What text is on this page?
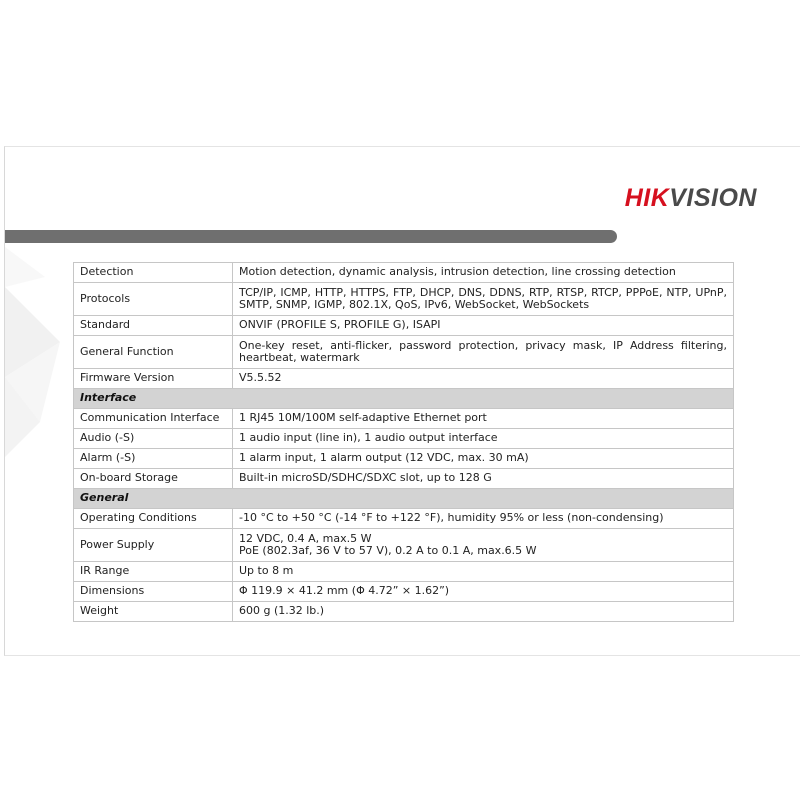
HIKVISION
Detection	Motion detection, dynamic analysis, intrusion detection, line crossing detection
Protocols	TCP/IP, ICMP, HTTP, HTTPS, FTP, DHCP, DNS, DDNS, RTP, RTSP, RTCP, PPPoE, NTP, UPnP, SMTP, SNMP, IGMP, 802.1X, QoS, IPv6, WebSocket, WebSockets
Standard	ONVIF (PROFILE S, PROFILE G), ISAPI
General Function	One-key reset, anti-flicker, password protection, privacy mask, IP Address filtering, heartbeat, watermark
Firmware Version	V5.5.52
Interface	
Communication Interface	1 RJ45 10M/100M self-adaptive Ethernet port
Audio (-S)	1 audio input (line in), 1 audio output interface
Alarm (-S)	1 alarm input, 1 alarm output (12 VDC, max. 30 mA)
On-board Storage	Built-in microSD/SDHC/SDXC slot, up to 128 G
General	
Operating Conditions	-10 °C to +50 °C (-14 °F to +122 °F), humidity 95% or less (non-condensing)
Power Supply	12 VDC, 0.4 A, max.5 W
PoE (802.3af, 36 V to 57 V), 0.2 A to 0.1 A, max.6.5 W

IR Range	Up to 8 m
Dimensions	Φ 119.9 × 41.2 mm (Φ 4.72” × 1.62”)
Weight	600 g (1.32 lb.)
